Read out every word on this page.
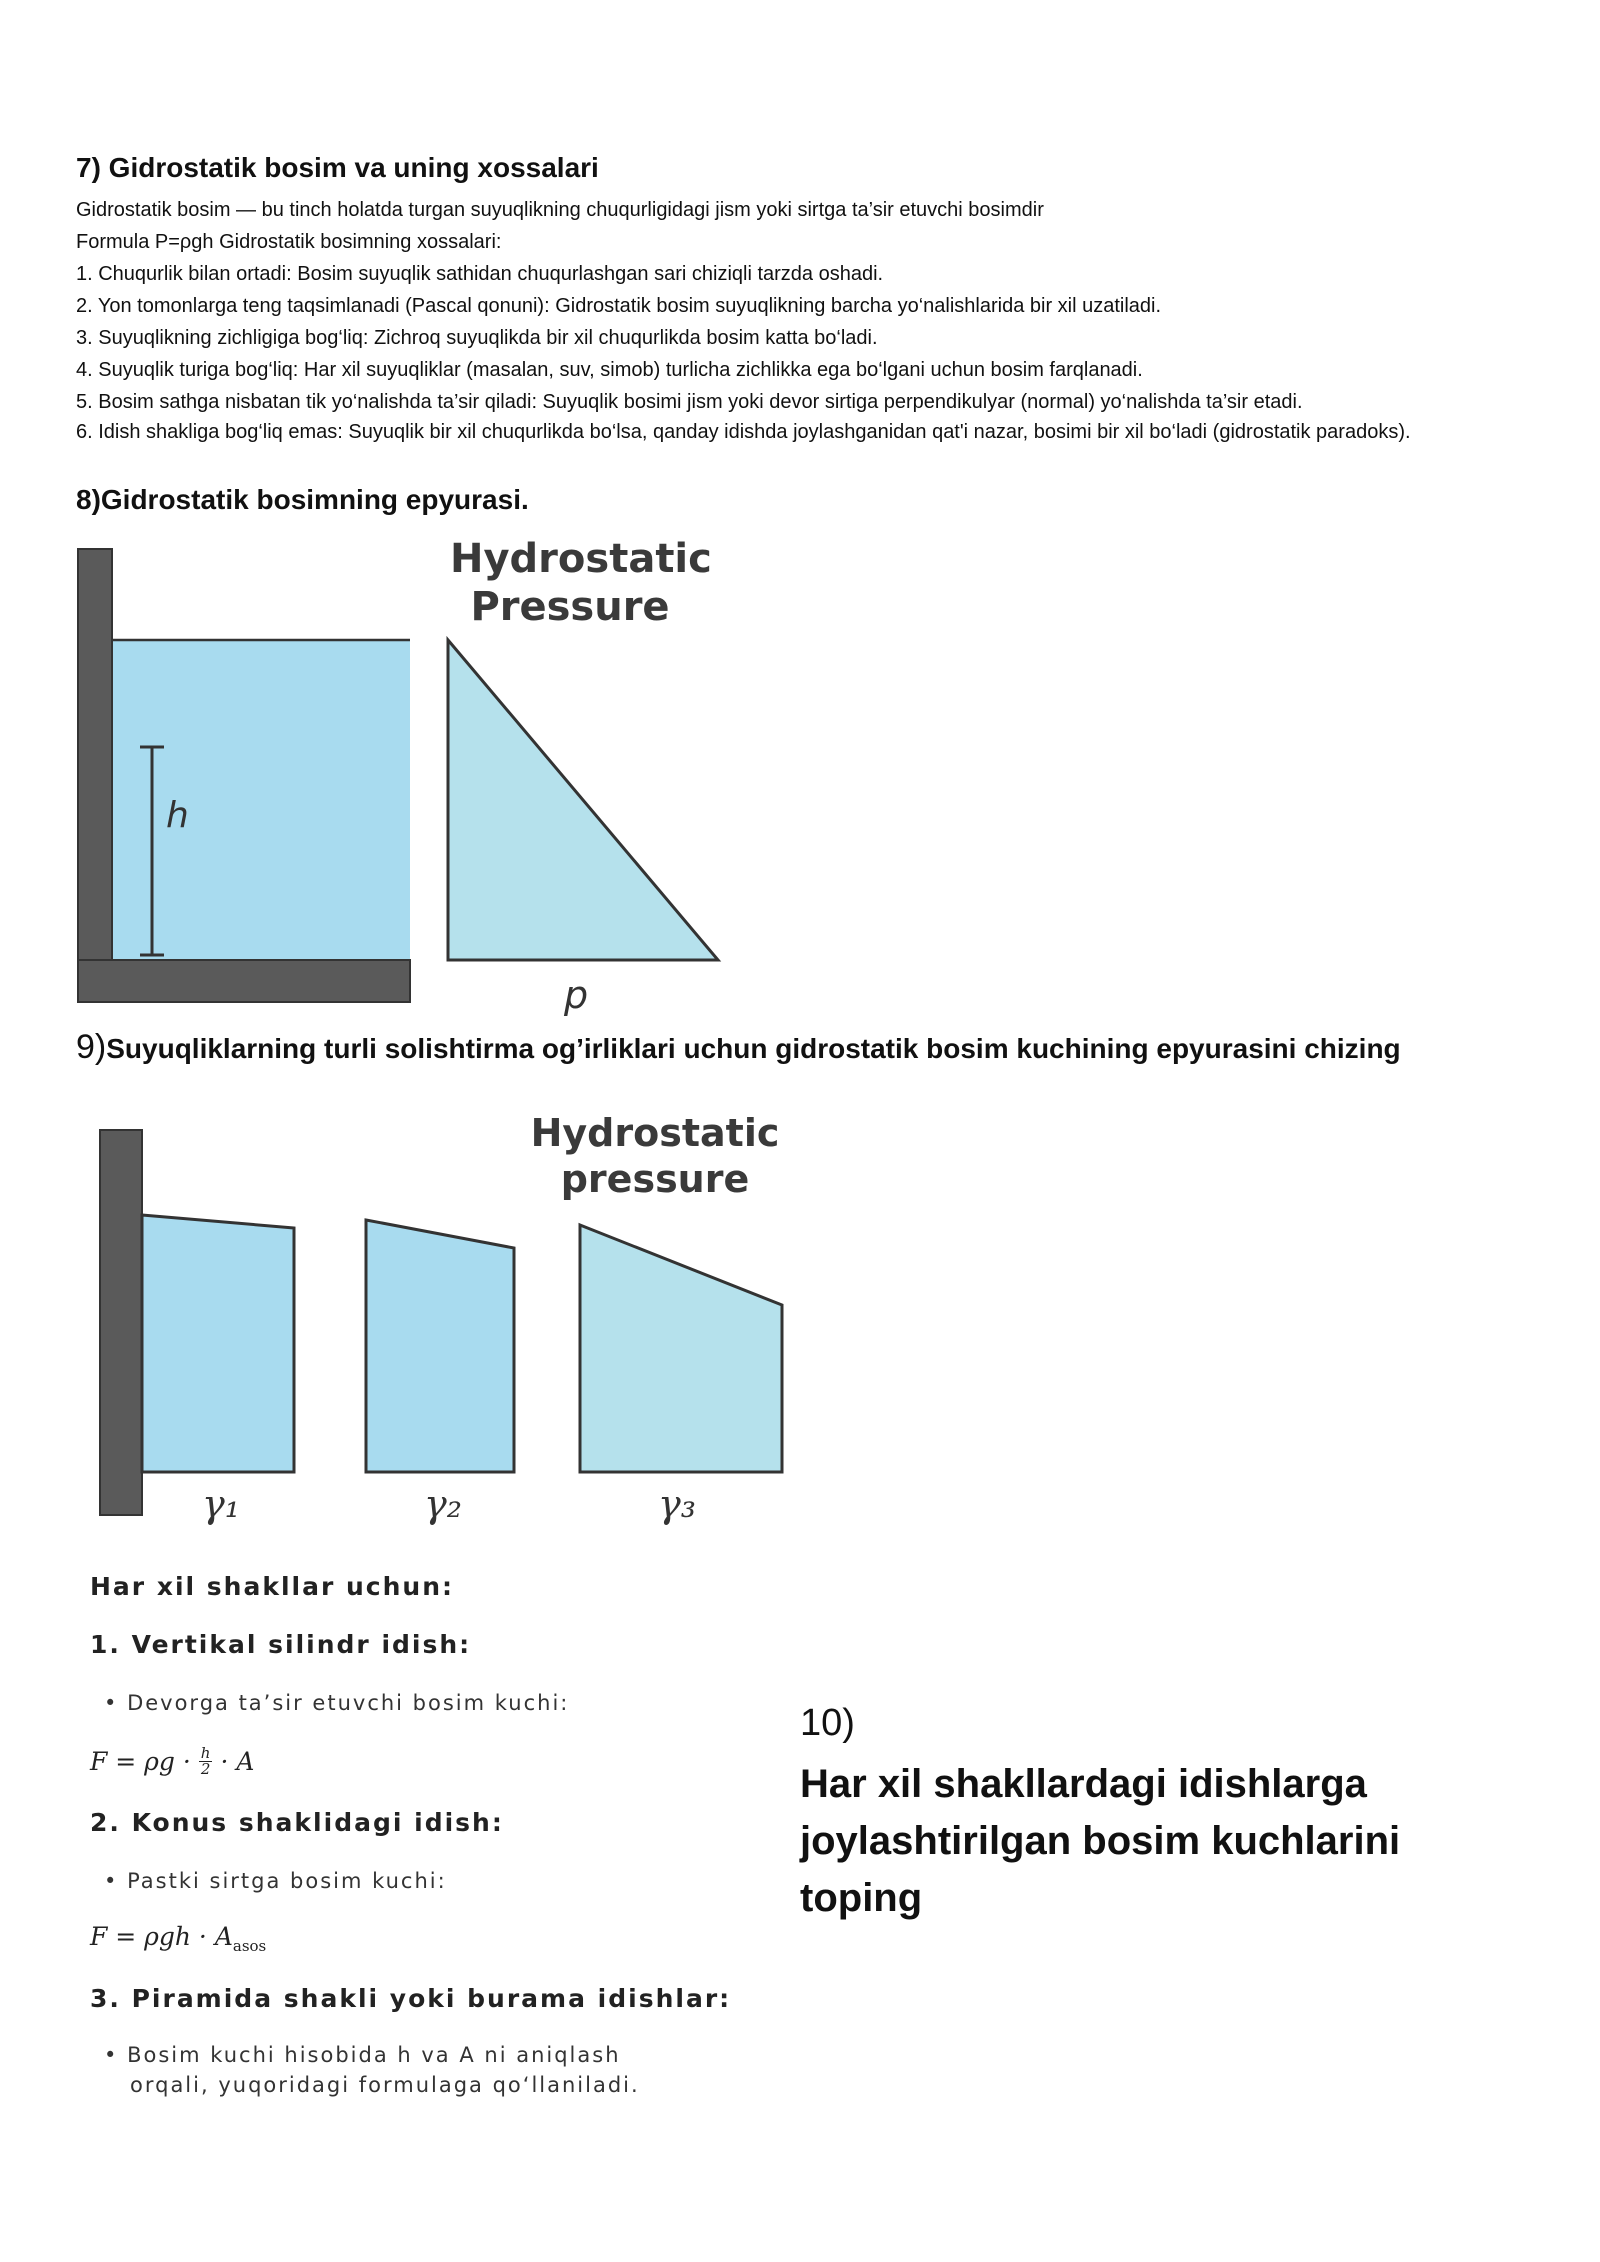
7) Gidrostatik bosim va uning xossalari
Gidrostatik bosim — bu tinch holatda turgan suyuqlikning chuqurligidagi jism yoki sirtga ta’sir etuvchi bosimdir
Formula P=ρgh Gidrostatik bosimning xossalari:
1. Chuqurlik bilan ortadi: Bosim suyuqlik sathidan chuqurlashgan sari chiziqli tarzda oshadi.
2. Yon tomonlarga teng taqsimlanadi (Pascal qonuni): Gidrostatik bosim suyuqlikning barcha yo‘nalishlarida bir xil uzatiladi.
3. Suyuqlikning zichligiga bog‘liq: Zichroq suyuqlikda bir xil chuqurlikda bosim katta bo‘ladi.
4. Suyuqlik turiga bog‘liq: Har xil suyuqliklar (masalan, suv, simob) turlicha zichlikka ega bo‘lgani uchun bosim farqlanadi.
5. Bosim sathga nisbatan tik yo‘nalishda ta’sir qiladi: Suyuqlik bosimi jism yoki devor sirtiga perpendikulyar (normal) yo‘nalishda ta’sir etadi.
6. Idish shakliga bog‘liq emas: Suyuqlik bir xil chuqurlikda bo‘lsa, qanday idishda joylashganidan qat'i nazar, bosimi bir xil bo‘ladi (gidrostatik paradoks).
8)Gidrostatik bosimning epyurasi.
h
p
Hydrostatic
Pressure
9)Suyuqliklarning turli solishtirma og’irliklari uchun gidrostatik bosim kuchining epyurasini chizing
Hydrostatic
pressure
γ₁	γ₂	γ₃
Har xil shakllar uchun:
1. Vertikal silindr idish:
• Devorga ta’sir etuvchi bosim kuchi:
F = ρg · h
2 · A
2. Konus shaklidagi idish:
• Pastki sirtga bosim kuchi:
$F = \rho gh \cdot A_{asos}$
3. Piramida shakli yoki burama idishlar:
• Bosim kuchi hisobida h va A ni aniqlash
orqali, yuqoridagi formulaga qo‘llaniladi.
10)
Har xil shakllardagi idishlarga joylashtirilgan bosim kuchlarini toping
